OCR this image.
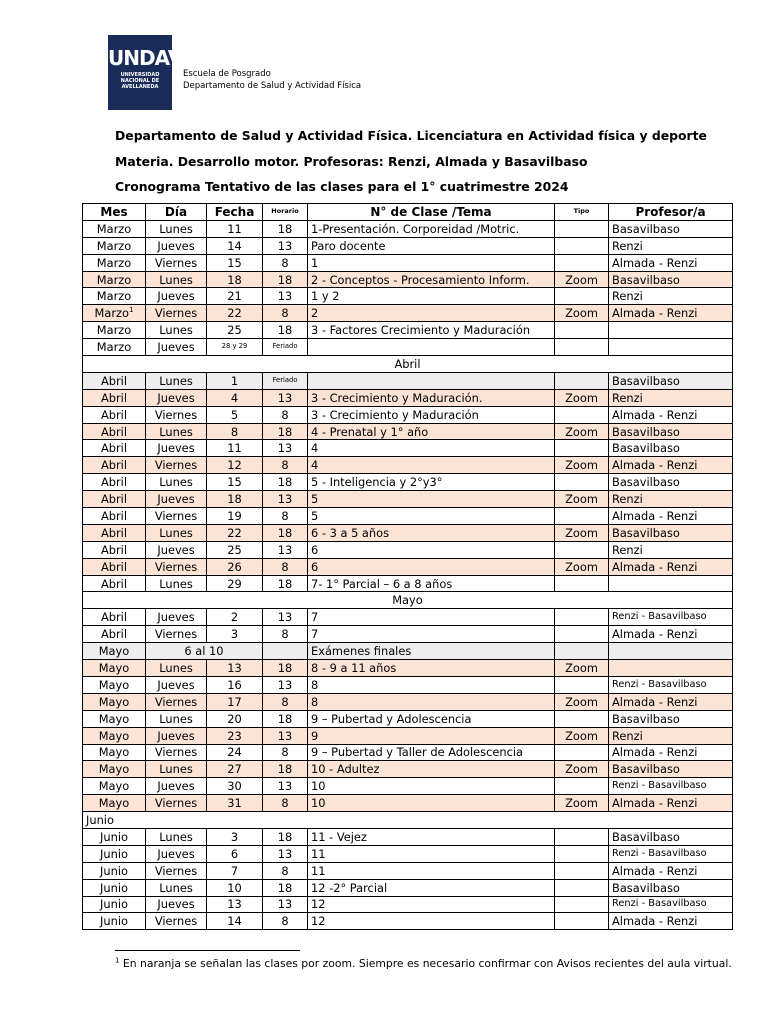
UNDAV
UNIVERSIDAD NACIONAL DE AVELLANEDA
Escuela de Posgrado
Departamento de Salud y Actividad Física
Departamento de Salud y Actividad Física. Licenciatura en Actividad física y deporte
Materia. Desarrollo motor. Profesoras: Renzi, Almada y Basavilbaso
Cronograma Tentativo de las clases para el 1° cuatrimestre 2024
Mes	Día	Fecha	Horario	N° de Clase /Tema	Tipo	Profesor/a
Marzo	Lunes	11	18	1-Presentación. Corporeidad /Motric.		Basavilbaso
Marzo	Jueves	14	13	Paro docente		Renzi
Marzo	Viernes	15	8	1		Almada - Renzi
Marzo	Lunes	18	18	2 - Conceptos - Procesamiento Inform.	Zoom	Basavilbaso
Marzo	Jueves	21	13	1 y 2		Renzi
Marzo$^1$	Viernes	22	8	2	Zoom	Almada - Renzi
Marzo	Lunes	25	18	3 - Factores Crecimiento y Maduración		
Marzo	Jueves	28 y 29	Feriado			
Abril						
Abril	Lunes	1	Feriado			Basavilbaso
Abril	Jueves	4	13	3 - Crecimiento y Maduración.	Zoom	Renzi
Abril	Viernes	5	8	3 - Crecimiento y Maduración		Almada - Renzi
Abril	Lunes	8	18	4 - Prenatal y 1° año	Zoom	Basavilbaso
Abril	Jueves	11	13	4		Basavilbaso
Abril	Viernes	12	8	4	Zoom	Almada - Renzi
Abril	Lunes	15	18	5 - Inteligencia y 2°y3°		Basavilbaso
Abril	Jueves	18	13	5	Zoom	Renzi
Abril	Viernes	19	8	5		Almada - Renzi
Abril	Lunes	22	18	6 - 3 a 5 años	Zoom	Basavilbaso
Abril	Jueves	25	13	6		Renzi
Abril	Viernes	26	8	6	Zoom	Almada - Renzi
Abril	Lunes	29	18	7- 1° Parcial – 6 a 8 años		
Mayo						
Abril	Jueves	2	13	7		Renzi - Basavilbaso
Abril	Viernes	3	8	7		Almada - Renzi
Mayo	6 al 10			Exámenes finales		
Mayo	Lunes	13	18	8 - 9 a 11 años	Zoom	
Mayo	Jueves	16	13	8		Renzi - Basavilbaso
Mayo	Viernes	17	8	8	Zoom	Almada - Renzi
Mayo	Lunes	20	18	9 – Pubertad y Adolescencia		Basavilbaso
Mayo	Jueves	23	13	9	Zoom	Renzi
Mayo	Viernes	24	8	9 – Pubertad y Taller de Adolescencia		Almada - Renzi
Mayo	Lunes	27	18	10 - Adultez	Zoom	Basavilbaso
Mayo	Jueves	30	13	10		Renzi - Basavilbaso
Mayo	Viernes	31	8	10	Zoom	Almada - Renzi
Junio						
Junio	Lunes	3	18	11 - Vejez		Basavilbaso
Junio	Jueves	6	13	11		Renzi - Basavilbaso
Junio	Viernes	7	8	11		Almada - Renzi
Junio	Lunes	10	18	12 -2° Parcial		Basavilbaso
Junio	Jueves	13	13	12		Renzi - Basavilbaso
Junio	Viernes	14	8	12		Almada - Renzi
$^1$ En naranja se señalan las clases por zoom. Siempre es necesario confirmar con Avisos recientes del aula virtual.
